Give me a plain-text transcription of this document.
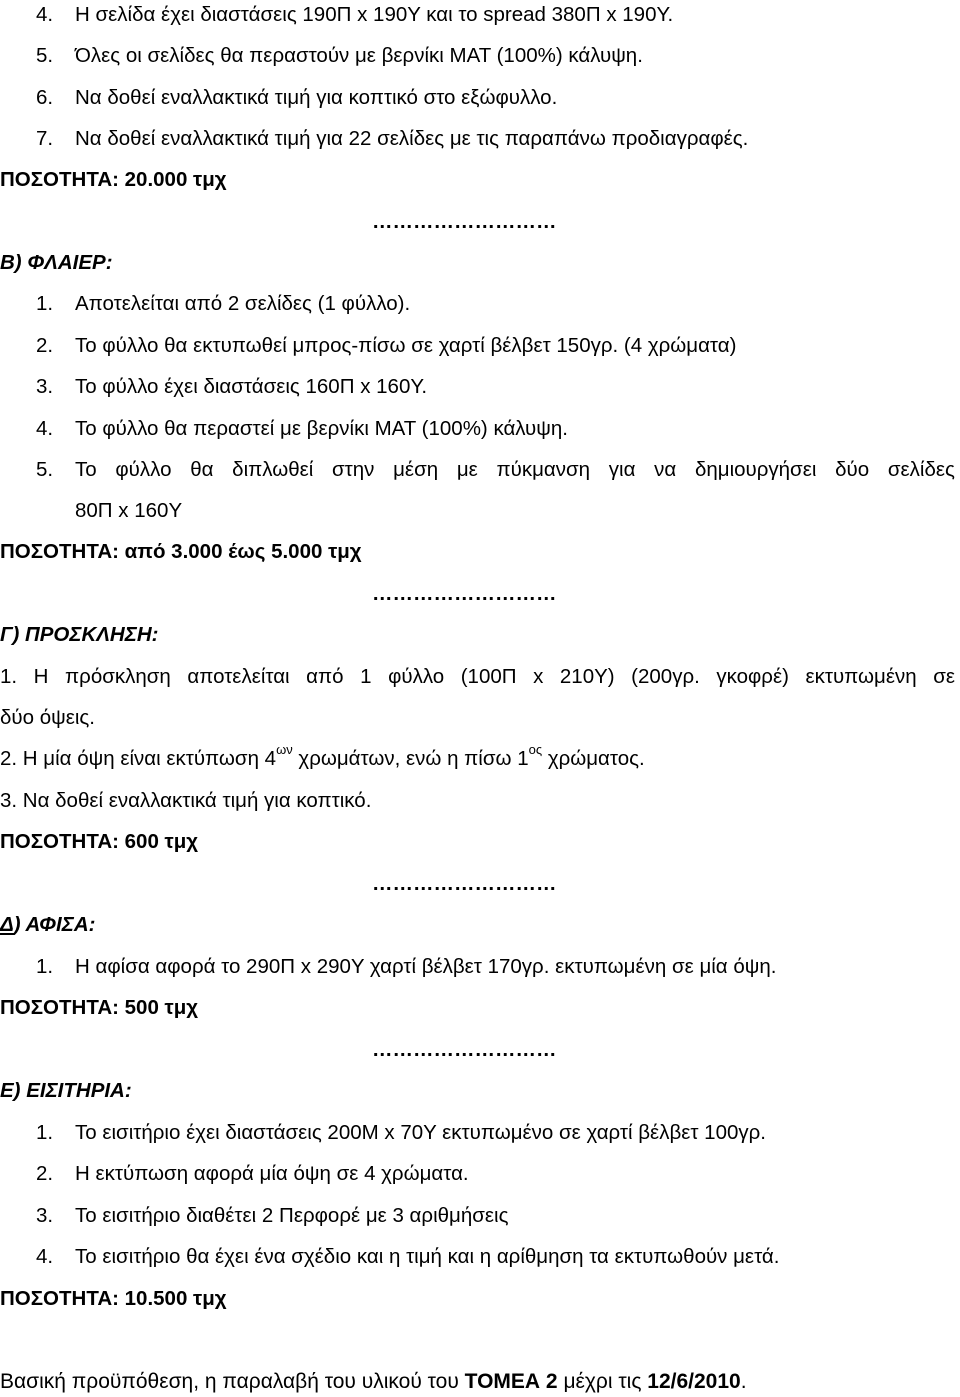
4. Η σελίδα έχει διαστάσεις 190Π x 190Υ και το spread 380Π x 190Υ.
5. Όλες οι σελίδες θα περαστούν με βερνίκι ΜΑΤ (100%) κάλυψη.
6. Να δοθεί εναλλακτικά τιμή για κοπτικό στο εξώφυλλο.
7. Να δοθεί εναλλακτικά τιμή για 22 σελίδες με τις παραπάνω προδιαγραφές.
ΠΟΣΟΤΗΤΑ: 20.000 τμχ
………………………
Β) ΦΛΑΙΕΡ:
1. Αποτελείται από 2 σελίδες (1 φύλλο).
2. Το φύλλο θα εκτυπωθεί μπρος-πίσω σε χαρτί βέλβετ 150γρ. (4 χρώματα)
3. Το φύλλο έχει διαστάσεις 160Π x 160Υ.
4. Το φύλλο θα περαστεί με βερνίκι ΜΑΤ (100%) κάλυψη.
5. Το φύλλο θα διπλωθεί στην μέση με πύκμανση για να δημιουργήσει δύο σελίδες
80Π x 160Υ
ΠΟΣΟΤΗΤΑ: από 3.000 έως 5.000 τμχ
………………………
Γ) ΠΡΟΣΚΛΗΣΗ:
1. Η πρόσκληση αποτελείται από 1 φύλλο (100Π x 210Υ) (200γρ. γκοφρέ) εκτυπωμένη σε
δύο όψεις.
2. Η μία όψη είναι εκτύπωση $4^{\omega\nu}$ χρωμάτων, ενώ η πίσω $1^{o\varsigma}$ χρώματος.
3. Να δοθεί εναλλακτικά τιμή για κοπτικό.
ΠΟΣΟΤΗΤΑ: 600 τμχ
………………………
Δ) ΑΦΙΣΑ:
1. Η αφίσα αφορά το 290Π x 290Υ χαρτί βέλβετ 170γρ. εκτυπωμένη σε μία όψη.
ΠΟΣΟΤΗΤΑ: 500 τμχ
………………………
Ε) ΕΙΣΙΤΗΡΙΑ:
1. Το εισιτήριο έχει διαστάσεις 200Μ x 70Υ εκτυπωμένο σε χαρτί βέλβετ 100γρ.
2. Η εκτύπωση αφορά μία όψη σε 4 χρώματα.
3. Το εισιτήριο διαθέτει 2 Περφορέ με 3 αριθμήσεις
4. Το εισιτήριο θα έχει ένα σχέδιο και η τιμή και η αρίθμηση τα εκτυπωθούν μετά.
ΠΟΣΟΤΗΤΑ: 10.500 τμχ
Βασική προϋπόθεση, η παραλαβή του υλικού του ΤΟΜΕΑ 2 μέχρι τις 12/6/2010.
